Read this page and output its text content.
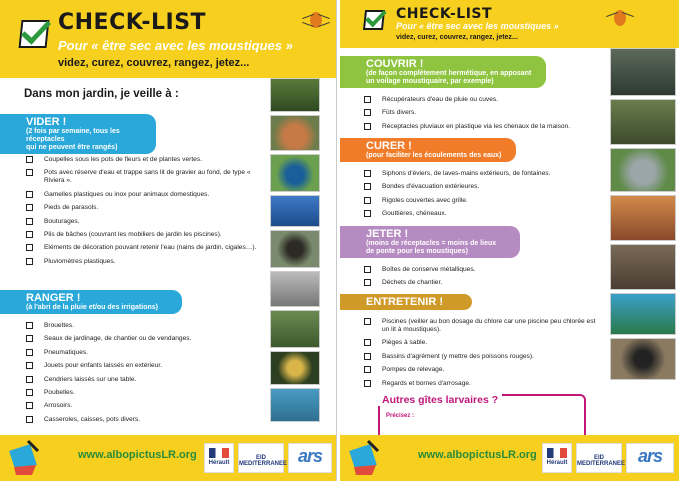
CHECK-LIST
Pour « être sec avec les moustiques »
videz, curez, couvrez, rangez, jetez...
Dans mon jardin, je veille à :
VIDER !
(2 fois par semaine, tous les réceptacles
qui ne peuvent être rangés)
Coupelles sous les pots de fleurs et de plantes vertes.
Pots avec réserve d'eau et trappe sans lit de gravier au fond, de type « Riviera ».
Gamelles plastiques ou inox pour animaux domestiques.
Pieds de parasols.
Bouturages.
Plis de bâches (couvrant les mobiliers de jardin les piscines).
Eléments de décoration pouvant retenir l'eau (nains de jardin, cigales…).
Pluviomètres plastiques.
RANGER !
(à l'abri de la pluie et/ou des irrigations)
Brouettes.
Seaux de jardinage, de chantier ou de vendanges.
Pneumatiques.
Jouets pour enfants laissés en extérieur.
Cendriers laissés sur une table.
Poubelles.
Arrosoirs.
Casseroles, caisses, pots divers.
www.albopictusLR.org
Hérault
EID MEDITERRANEE ars
CHECK-LIST
Pour « être sec avec les moustiques »
videz, curez, couvrez, rangez, jetez...
COUVRIR !
(de façon complètement hermétique, en apposant
un voilage moustiquaire, par exemple)
Récupérateurs d'eau de pluie ou cuves.
Fûts divers.
Réceptacles pluviaux en plastique via les chenaux de la maison.
CURER !
(pour faciliter les écoulements des eaux)
Siphons d'éviers, de laves-mains extérieurs, de fontaines.
Bondes d'évacuation extérieures.
Rigoles couvertes avec grille.
Gouttières, chéneaux.
JETER !
(moins de réceptacles = moins de lieux
de ponte pour les moustiques)
Boîtes de conserve métalliques.
Déchets de chantier.
ENTRETENIR !
Piscines (veiller au bon dosage du chlore car une piscine peu chlorée est un lit à moustiques).
Pièges à sable.
Bassins d'agrément (y mettre des poissons rouges).
Pompes de relevage.
Regards et bornes d'arrosage.
Autres gîtes larvaires ?
Précisez :
www.albopictusLR.org
Hérault
EID MEDITERRANEE ars
